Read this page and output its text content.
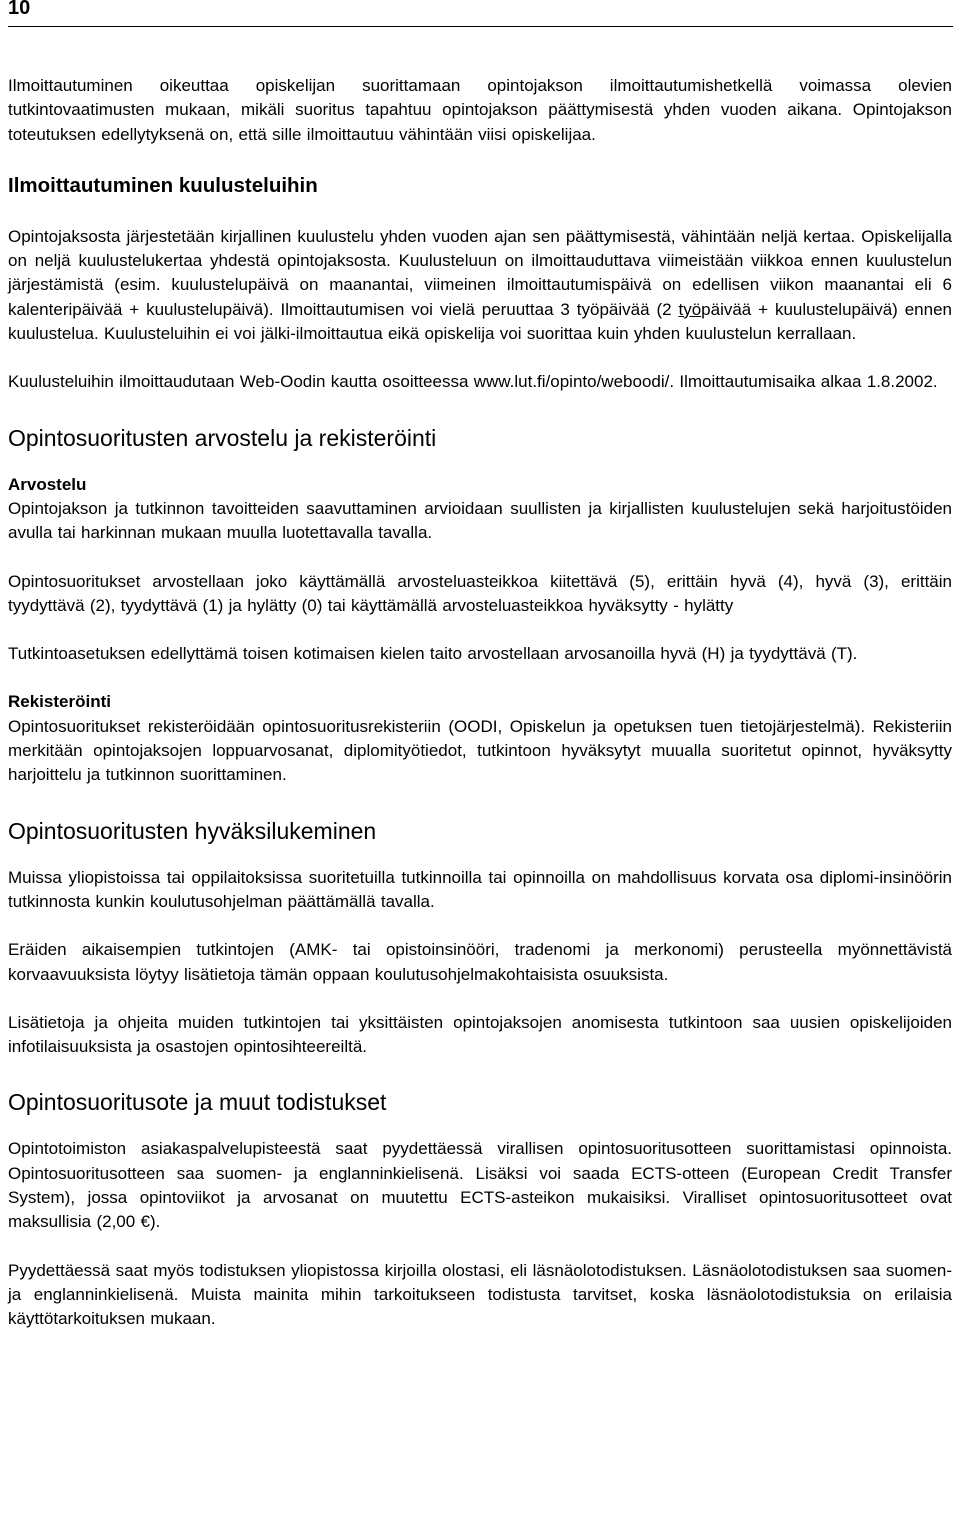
10

Ilmoittautuminen oikeuttaa opiskelijan suorittamaan opintojakson ilmoittautumishetkellä voimassa olevien tutkintovaatimusten mukaan, mikäli suoritus tapahtuu opintojakson päättymisestä yhden vuoden aikana. Opintojakson toteutuksen edellytyksenä on, että sille ilmoittautuu vähintään viisi opiskelijaa.

Ilmoittautuminen kuulusteluihin

Opintojaksosta järjestetään kirjallinen kuulustelu yhden vuoden ajan sen päättymisestä, vähintään neljä kertaa. Opiskelijalla on neljä kuulustelukertaa yhdestä opintojaksosta. Kuulusteluun on ilmoittauduttava viimeistään viikkoa ennen kuulustelun järjestämistä (esim. kuulustelupäivä on maanantai, viimeinen ilmoittautumispäivä on edellisen viikon maanantai eli 6 kalenteripäivää + kuulustelupäivä). Ilmoittautumisen voi vielä peruuttaa 3 työpäivää (2 työpäivää + kuulustelupäivä) ennen kuulustelua. Kuulusteluihin ei voi jälki-ilmoittautua eikä opiskelija voi suorittaa kuin yhden kuulustelun kerrallaan.

Kuulusteluihin ilmoittaudutaan Web-Oodin kautta osoitteessa www.lut.fi/opinto/weboodi/. Ilmoittautumisaika alkaa 1.8.2002.

Opintosuoritusten arvostelu ja rekisteröinti
Arvostelu

Opintojakson ja tutkinnon tavoitteiden saavuttaminen arvioidaan suullisten ja kirjallisten kuulustelujen sekä harjoitustöiden avulla tai harkinnan mukaan muulla luotettavalla tavalla.

Opintosuoritukset arvostellaan joko käyttämällä arvosteluasteikkoa kiitettävä (5), erittäin hyvä (4), hyvä (3), erittäin tyydyttävä (2), tyydyttävä (1) ja hylätty (0) tai käyttämällä arvosteluasteikkoa hyväksytty - hylätty

Tutkintoasetuksen edellyttämä toisen kotimaisen kielen taito arvostellaan arvosanoilla hyvä (H) ja tyydyttävä (T).

Rekisteröinti

Opintosuoritukset rekisteröidään opintosuoritusrekisteriin (OODI, Opiskelun ja opetuksen tuen tietojärjestelmä). Rekisteriin merkitään opintojaksojen loppuarvosanat, diplomityötiedot, tutkintoon hyväksytyt muualla suoritetut opinnot, hyväksytty harjoittelu ja tutkinnon suorittaminen.

Opintosuoritusten hyväksilukeminen

Muissa yliopistoissa tai oppilaitoksissa suoritetuilla tutkinnoilla tai opinnoilla on mahdollisuus korvata osa diplomi-insinöörin tutkinnosta kunkin koulutusohjelman päättämällä tavalla.

Eräiden aikaisempien tutkintojen (AMK- tai opistoinsinööri, tradenomi ja merkonomi) perusteella myönnettävistä korvaavuuksista löytyy lisätietoja tämän oppaan koulutusohjelmakohtaisista osuuksista.

Lisätietoja ja ohjeita muiden tutkintojen tai yksittäisten opintojaksojen anomisesta tutkintoon saa uusien opiskelijoiden infotilaisuuksista ja osastojen opintosihteereiltä.

Opintosuoritusote ja muut todistukset

Opintotoimiston asiakaspalvelupisteestä saat pyydettäessä virallisen opintosuoritusotteen suorittamistasi opinnoista. Opintosuoritusotteen saa suomen- ja englanninkielisenä. Lisäksi voi saada ECTS-otteen (European Credit Transfer System), jossa opintoviikot ja arvosanat on muutettu ECTS-asteikon mukaisiksi. Viralliset opintosuoritusotteet ovat maksullisia (2,00 €).

Pyydettäessä saat myös todistuksen yliopistossa kirjoilla olostasi, eli läsnäolotodistuksen. Läsnäolotodistuksen saa suomen- ja englanninkielisenä. Muista mainita mihin tarkoitukseen todistusta tarvitset, koska läsnäolotodistuksia on erilaisia käyttötarkoituksen mukaan.
